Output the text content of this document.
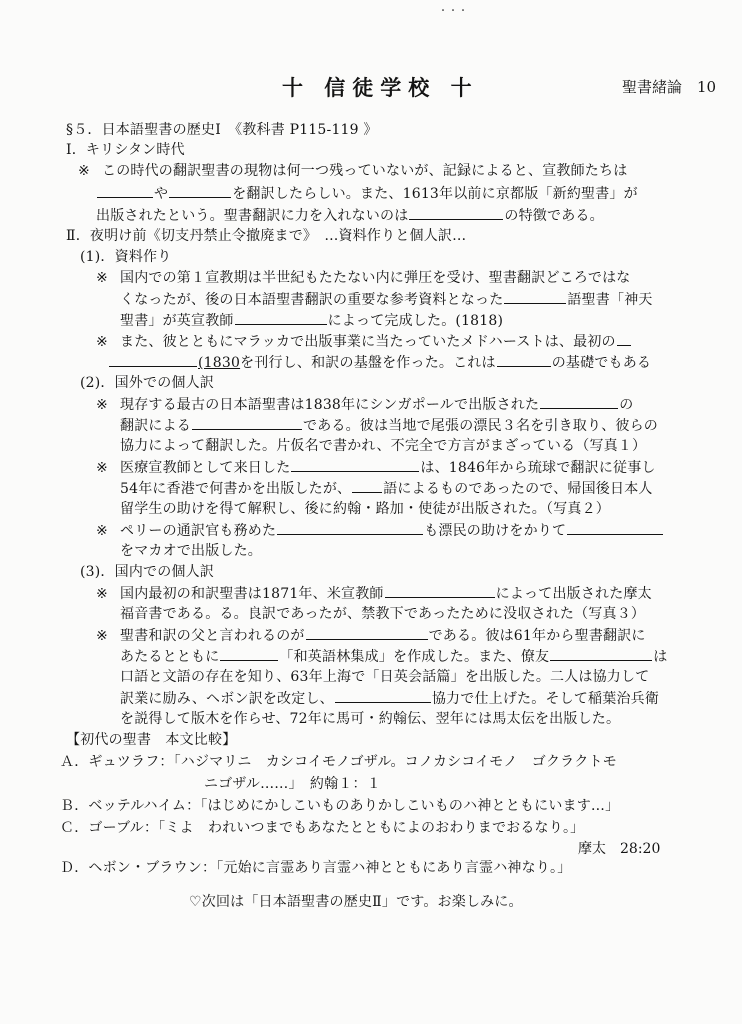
・・・
十 信徒学校 十	聖書緒論　10
§５．日本語聖書の歴史Ⅰ　《教科書 P115-119 》
Ⅰ．キリシタン時代
※ この時代の翻訳聖書の現物は何一つ残っていないが、記録によると、宣教師たちは
や	を翻訳したらしい。また、1613年以前に京都版「新約聖書」が
出版されたという。聖書翻訳に力を入れないのは	の特徴である。
Ⅱ．夜明け前《切支丹禁止令撤廃まで》　…資料作りと個人訳…
(1)．資料作り
※ 国内での第１宣教期は半世紀もたたない内に弾圧を受け、聖書翻訳どころではな
くなったが、後の日本語聖書翻訳の重要な参考資料となった	語聖書「神天
聖書」が英宣教師	によって完成した。(1818)
※ また、彼とともにマラッカで出版事業に当たっていたメドハーストは、最初の
(1830を刊行し、和訳の基盤を作った。これは	の基礎でもある
(2)．国外での個人訳
※ 現存する最古の日本語聖書は1838年にシンガポールで出版された	の
翻訳による	である。彼は当地で尾張の漂民３名を引き取り、彼らの
協力によって翻訳した。片仮名で書かれ、不完全で方言がまざっている（写真１）
※ 医療宣教師として来日した	は、1846年から琉球で翻訳に従事し
54年に香港で何書かを出版したが、 語によるものであったので、帰国後日本人
留学生の助けを得て解釈し、後に約翰・路加・使徒が出版された。（写真２）
※ ペリーの通訳官も務めた	も漂民の助けをかりて
をマカオで出版した。
(3)．国内での個人訳
※ 国内最初の和訳聖書は1871年、米宣教師	によって出版された摩太
福音書である。る。良訳であったが、禁教下であったために没収された（写真３）
※ 聖書和訳の父と言われるのが	である。彼は61年から聖書翻訳に
あたるとともに	「和英語林集成」を作成した。また、僚友	は
口語と文語の存在を知り、63年上海で「日英会話篇」を出版した。二人は協力して
訳業に励み、ヘボン訳を改定し、	協力で仕上げた。そして稲葉治兵衛
を説得して版木を作らせ、72年に馬可・約翰伝、翌年には馬太伝を出版した。
【初代の聖書　本文比較】
Ａ．ギュツラフ：「ハジマリニ　カシコイモノゴザル。コノカシコイモノ　ゴクラクトモ
ニゴザル……」　約翰１：１
Ｂ．ベッテルハイム：「はじめにかしこいものありかしこいものハ神とともにいます…」
Ｃ．ゴーブル：「ミよ　われいつまでもあなたとともによのおわりまでおるなり。」
摩太　28:20
Ｄ．ヘボン・ブラウン：「元始に言霊あり言霊ハ神とともにあり言霊ハ神なり。」
♡次回は「日本語聖書の歴史Ⅱ」です。お楽しみに。
